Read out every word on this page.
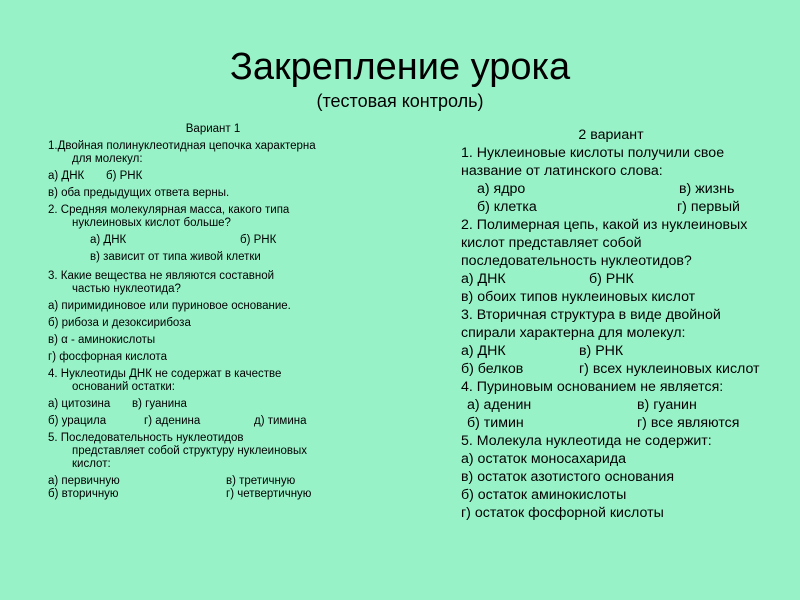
Закрепление урока
(тестовая контроль)
Вариант 1
1.Двойная полинуклеотидная цепочка характерна
для молекул:
а) ДНК	б) РНК
в) оба предыдущих ответа верны.
2. Средняя молекулярная масса, какого типа
нуклеиновых кислот больше?
а) ДНК	б) РНК
в) зависит от типа живой клетки
3. Какие вещества не являются составной
частью нуклеотида?
а) пиримидиновое или пуриновое основание.
б) рибоза и дезоксирибоза
в) α - аминокислоты
г) фосфорная кислота
4. Нуклеотиды ДНК не содержат в качестве
оснований остатки:
а) цитозина	в) гуанина
б) урацила	г) аденина	д) тимина
5. Последовательность нуклеотидов
представляет собой структуру нуклеиновых
кислот:
а) первичную	в) третичную
б) вторичную	г) четвертичную
2 вариант
1. Нуклеиновые кислоты получили свое
название от латинского слова:
а) ядро	в) жизнь
б) клетка	г) первый
2. Полимерная цепь, какой из нуклеиновых
кислот представляет собой
последовательность нуклеотидов?
а) ДНК	б) РНК
в) обоих типов нуклеиновых кислот
3. Вторичная структура в виде двойной
спирали характерна для молекул:
а) ДНК	в) РНК
б) белков	г) всех нуклеиновых кислот
4. Пуриновым основанием не является:
а) аденин	в) гуанин
б) тимин	г) все являются
5. Молекула нуклеотида не содержит:
а) остаток моносахарида
в) остаток азотистого основания
б) остаток аминокислоты
г) остаток фосфорной кислоты
